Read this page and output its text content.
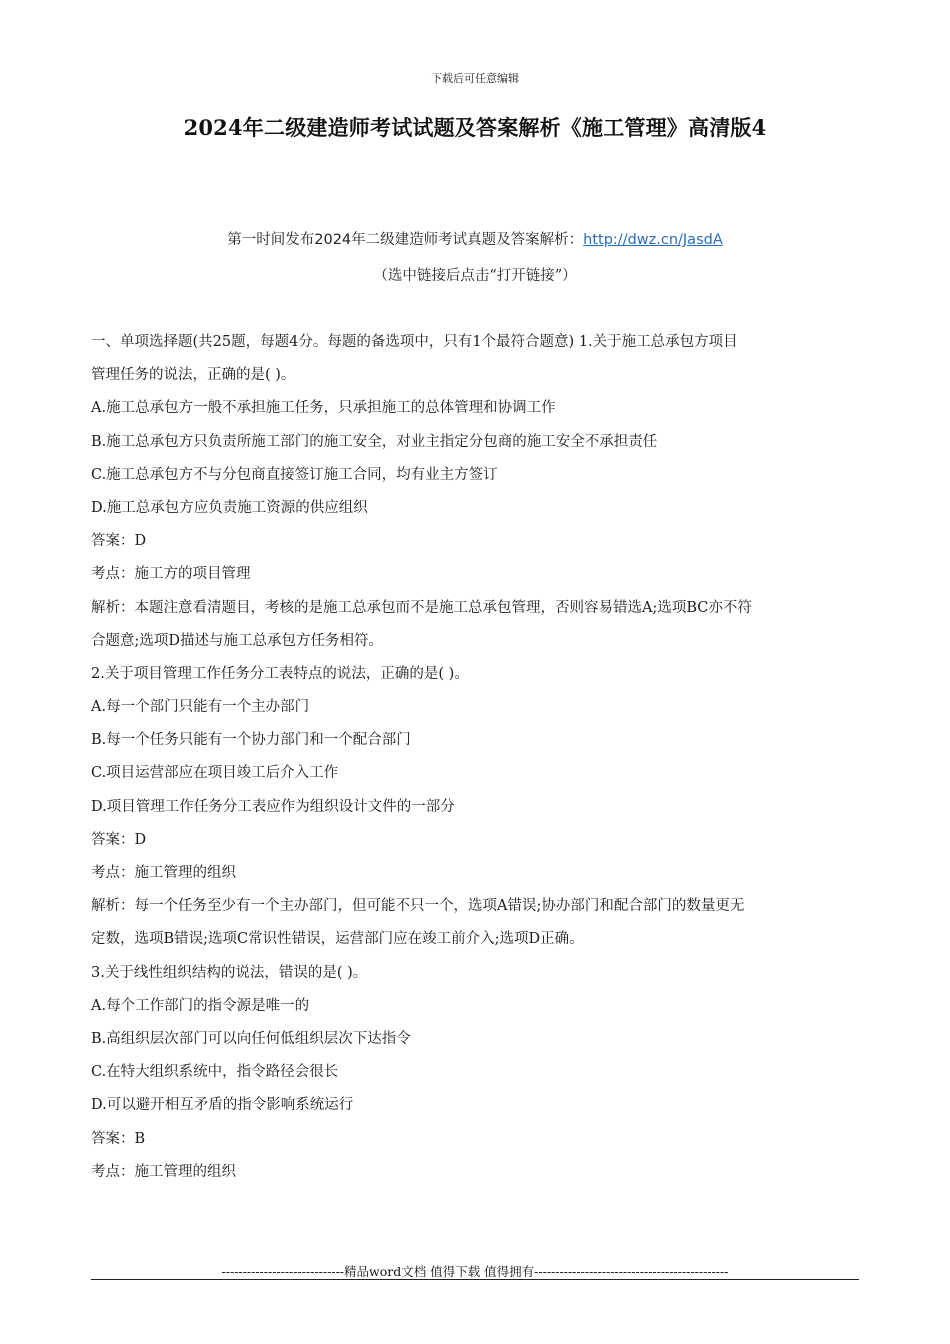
下载后可任意编辑
2024年二级建造师考试试题及答案解析《施工管理》高清版4
第一时间发布2024年二级建造师考试真题及答案解析：http://dwz.cn/JasdA
（选中链接后点击“打开链接”）
一、单项选择题(共25题，每题4分。每题的备选项中，只有1个最符合题意) 1.关于施工总承包方项目
管理任务的说法，正确的是( )。
A.施工总承包方一般不承担施工任务，只承担施工的总体管理和协调工作
B.施工总承包方只负责所施工部门的施工安全，对业主指定分包商的施工安全不承担责任
C.施工总承包方不与分包商直接签订施工合同，均有业主方签订
D.施工总承包方应负责施工资源的供应组织
答案：D
考点：施工方的项目管理
解析：本题注意看清题目，考核的是施工总承包而不是施工总承包管理，否则容易错选A;选项BC亦不符
合题意;选项D描述与施工总承包方任务相符。
2.关于项目管理工作任务分工表特点的说法，正确的是( )。
A.每一个部门只能有一个主办部门
B.每一个任务只能有一个协力部门和一个配合部门
C.项目运营部应在项目竣工后介入工作
D.项目管理工作任务分工表应作为组织设计文件的一部分
答案：D
考点：施工管理的组织
解析：每一个任务至少有一个主办部门，但可能不只一个，选项A错误;协办部门和配合部门的数量更无
定数，选项B错误;选项C常识性错误，运营部门应在竣工前介入;选项D正确。
3.关于线性组织结构的说法，错误的是( )。
A.每个工作部门的指令源是唯一的
B.高组织层次部门可以向任何低组织层次下达指令
C.在特大组织系统中，指令路径会很长
D.可以避开相互矛盾的指令影响系统运行
答案：B
考点：施工管理的组织
-----------------------------精品word文档 值得下载 值得拥有----------------------------------------------
